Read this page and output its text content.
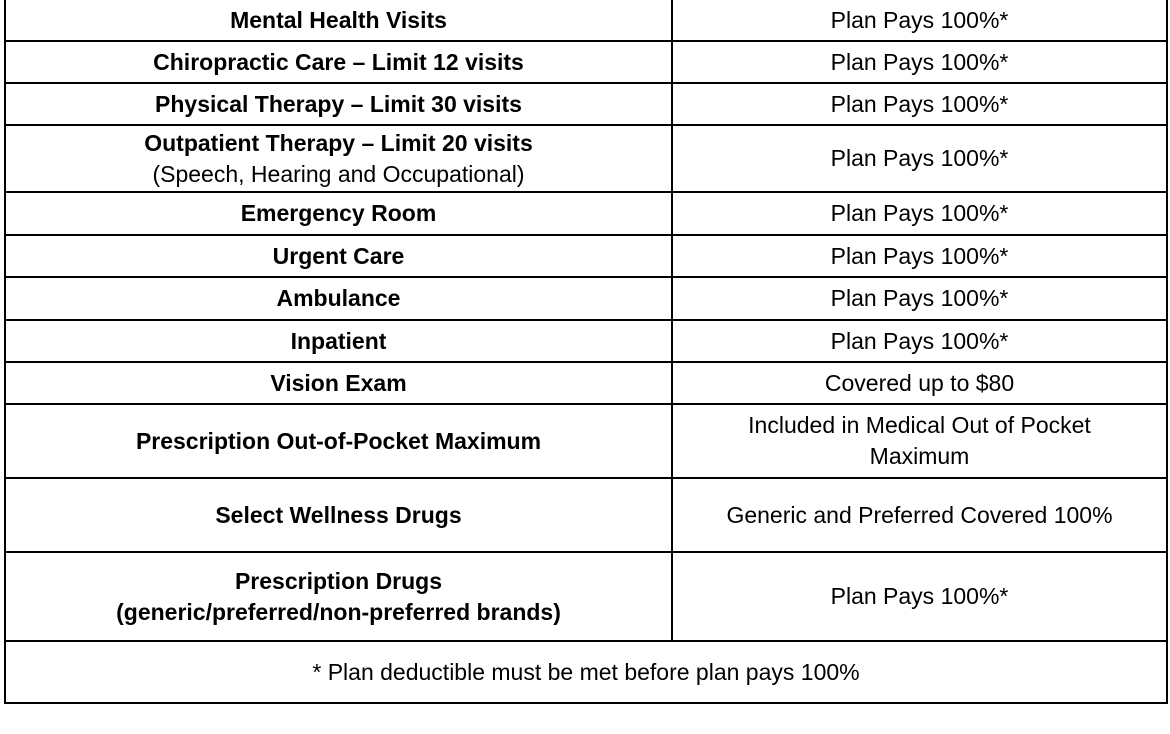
Mental Health Visits	Plan Pays 100%*
Chiropractic Care – Limit 12 visits	Plan Pays 100%*
Physical Therapy – Limit 30 visits	Plan Pays 100%*

Outpatient Therapy – Limit 20 visits
(Speech, Hearing and Occupational)	Plan Pays 100%*
Emergency Room	Plan Pays 100%*
Urgent Care	Plan Pays 100%*
Ambulance	Plan Pays 100%*
Inpatient	Plan Pays 100%*
Vision Exam	Covered up to $80
Prescription Out-of-Pocket Maximum	Included in Medical Out of Pocket
Maximum

Select Wellness Drugs	Generic and Preferred Covered 100%

Prescription Drugs
(generic/preferred/non-preferred brands)	Plan Pays 100%*
* Plan deductible must be met before plan pays 100%	
